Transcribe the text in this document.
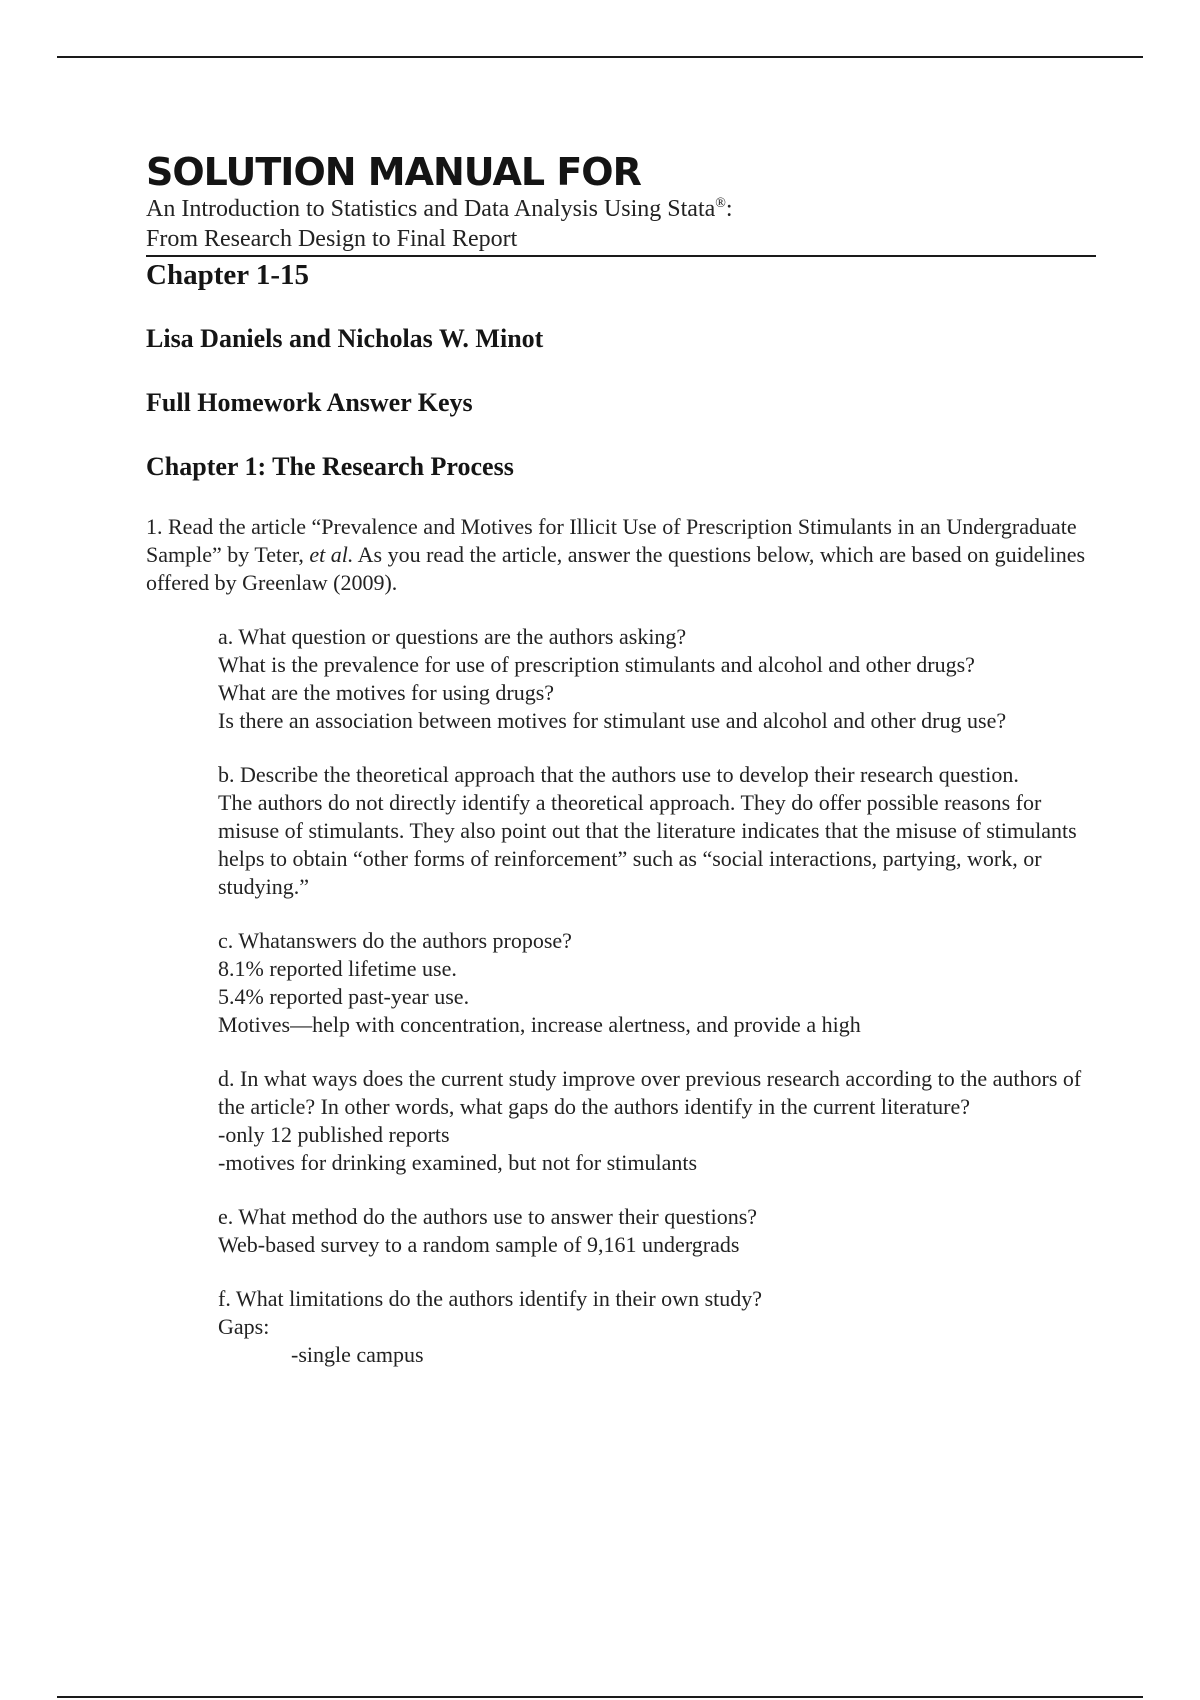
SOLUTION MANUAL FOR

An Introduction to Statistics and Data Analysis Using Stata®:
From Research Design to Final Report

Chapter 1-15
Lisa Daniels and Nicholas W. Minot
Full Homework Answer Keys
Chapter 1: The Research Process

1. Read the article “Prevalence and Motives for Illicit Use of Prescription Stimulants in an Undergraduate Sample” by Teter, et al. As you read the article, answer the questions below, which are based on guidelines offered by Greenlaw (2009).

a. What question or questions are the authors asking?
What is the prevalence for use of prescription stimulants and alcohol and other drugs?
What are the motives for using drugs?
Is there an association between motives for stimulant use and alcohol and other drug use?
b. Describe the theoretical approach that the authors use to develop their research question.
The authors do not directly identify a theoretical approach. They do offer possible reasons for misuse of stimulants. They also point out that the literature indicates that the misuse of stimulants helps to obtain “other forms of reinforcement” such as “social interactions, partying, work, or studying.”
c. Whatanswers do the authors propose?
8.1% reported lifetime use.
5.4% reported past-year use.
Motives—help with concentration, increase alertness, and provide a high
d. In what ways does the current study improve over previous research according to the authors of the article? In other words, what gaps do the authors identify in the current literature?
-only 12 published reports
-motives for drinking examined, but not for stimulants
e. What method do the authors use to answer their questions?
Web-based survey to a random sample of 9,161 undergrads
f. What limitations do the authors identify in their own study?
Gaps:
-single campus
